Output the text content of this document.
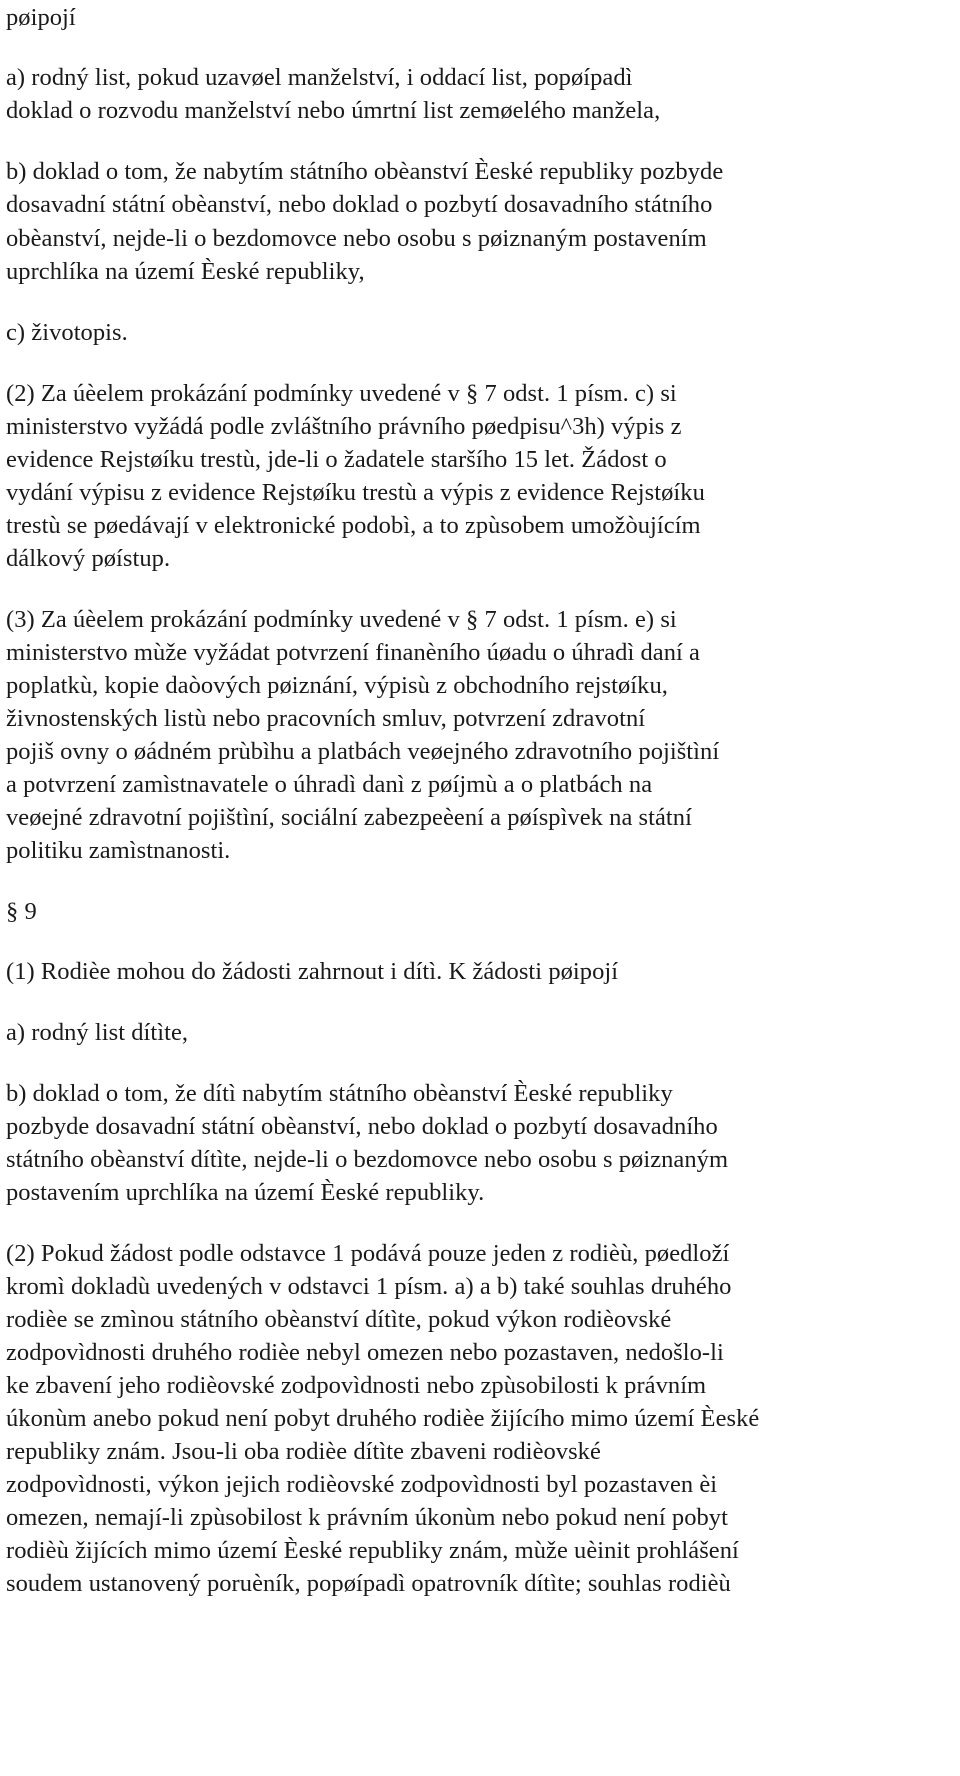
pøipojí
a) rodný list, pokud uzavøel manželství, i oddací list, popøípadì
doklad o rozvodu manželství nebo úmrtní list zemøelého manžela,
b) doklad o tom, že nabytím státního obèanství Èeské republiky pozbyde
dosavadní státní obèanství, nebo doklad o pozbytí dosavadního státního
obèanství, nejde-li o bezdomovce nebo osobu s pøiznaným postavením
uprchlíka na území Èeské republiky,
c) životopis.
(2) Za úèelem prokázání podmínky uvedené v § 7 odst. 1 písm. c) si
ministerstvo vyžádá podle zvláštního právního pøedpisu^3h) výpis z
evidence Rejstøíku trestù, jde-li o žadatele staršího 15 let. Žádost o
vydání výpisu z evidence Rejstøíku trestù a výpis z evidence Rejstøíku
trestù se pøedávají v elektronické podobì, a to zpùsobem umožòujícím
dálkový pøístup.
(3) Za úèelem prokázání podmínky uvedené v § 7 odst. 1 písm. e) si
ministerstvo mùže vyžádat potvrzení finanèního úøadu o úhradì daní a
poplatkù, kopie daòových pøiznání, výpisù z obchodního rejstøíku,
živnostenských listù nebo pracovních smluv, potvrzení zdravotní
pojiš ovny o øádném prùbìhu a platbách veøejného zdravotního pojištìní
a potvrzení zamìstnavatele o úhradì danì z pøíjmù a o platbách na
veøejné zdravotní pojištìní, sociální zabezpeèení a pøíspìvek na státní
politiku zamìstnanosti.
§ 9
(1) Rodièe mohou do žádosti zahrnout i dítì. K žádosti pøipojí
a) rodný list dítìte,
b) doklad o tom, že dítì nabytím státního obèanství Èeské republiky
pozbyde dosavadní státní obèanství, nebo doklad o pozbytí dosavadního
státního obèanství dítìte, nejde-li o bezdomovce nebo osobu s pøiznaným
postavením uprchlíka na území Èeské republiky.
(2) Pokud žádost podle odstavce 1 podává pouze jeden z rodièù, pøedloží
kromì dokladù uvedených v odstavci 1 písm. a) a b) také souhlas druhého
rodièe se zmìnou státního obèanství dítìte, pokud výkon rodièovské
zodpovìdnosti druhého rodièe nebyl omezen nebo pozastaven, nedošlo-li
ke zbavení jeho rodièovské zodpovìdnosti nebo zpùsobilosti k právním
úkonùm anebo pokud není pobyt druhého rodièe žijícího mimo území Èeské
republiky znám. Jsou-li oba rodièe dítìte zbaveni rodièovské
zodpovìdnosti, výkon jejich rodièovské zodpovìdnosti byl pozastaven èi
omezen, nemají-li zpùsobilost k právním úkonùm nebo pokud není pobyt
rodièù žijících mimo území Èeské republiky znám, mùže uèinit prohlášení
soudem ustanovený poruèník, popøípadì opatrovník dítìte; souhlas rodièù
